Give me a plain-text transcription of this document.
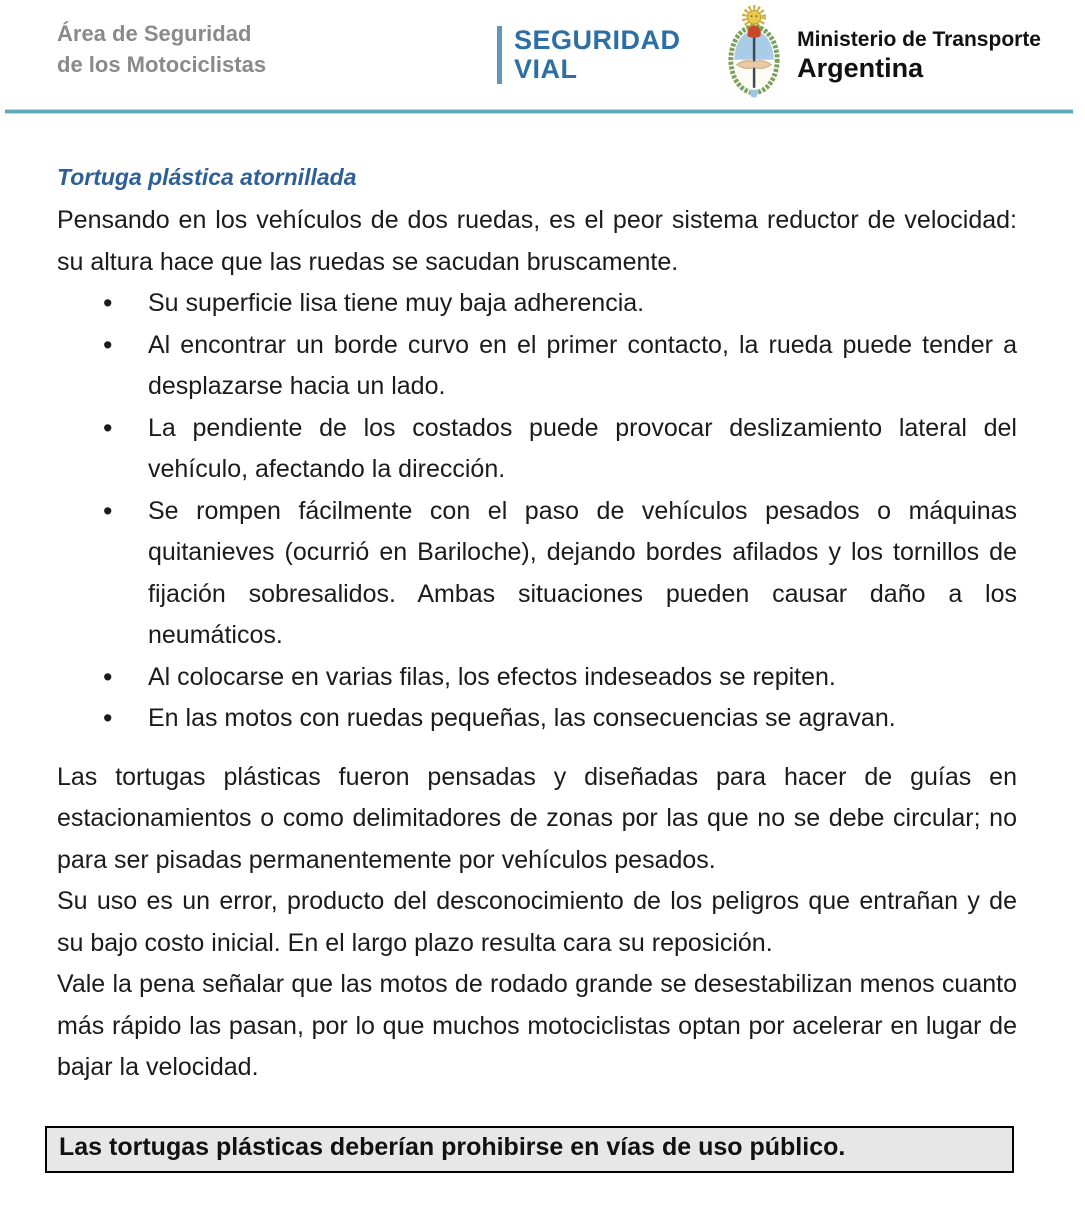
Área de Seguridad
de los Motociclistas
SEGURIDAD
VIAL
Ministerio de Transporte
Argentina
Tortuga plástica atornillada

Pensando en los vehículos de dos ruedas, es el peor sistema reductor de velocidad: su altura hace que las ruedas se sacudan bruscamente.

• Su superficie lisa tiene muy baja adherencia.
• Al encontrar un borde curvo en el primer contacto, la rueda puede tender a desplazarse hacia un lado.
• La pendiente de los costados puede provocar deslizamiento lateral del vehículo, afectando la dirección.
• Se rompen fácilmente con el paso de vehículos pesados o máquinas quitanieves (ocurrió en Bariloche), dejando bordes afilados y los tornillos de fijación sobresalidos. Ambas situaciones pueden causar daño a los neumáticos.
• Al colocarse en varias filas, los efectos indeseados se repiten.
• En las motos con ruedas pequeñas, las consecuencias se agravan.

Las tortugas plásticas fueron pensadas y diseñadas para hacer de guías en estacionamientos o como delimitadores de zonas por las que no se debe circular; no para ser pisadas permanentemente por vehículos pesados.

Su uso es un error, producto del desconocimiento de los peligros que entrañan y de su bajo costo inicial. En el largo plazo resulta cara su reposición.

Vale la pena señalar que las motos de rodado grande se desestabilizan menos cuanto más rápido las pasan, por lo que muchos motociclistas optan por acelerar en lugar de bajar la velocidad.

Las tortugas plásticas deberían prohibirse en vías de uso público.
